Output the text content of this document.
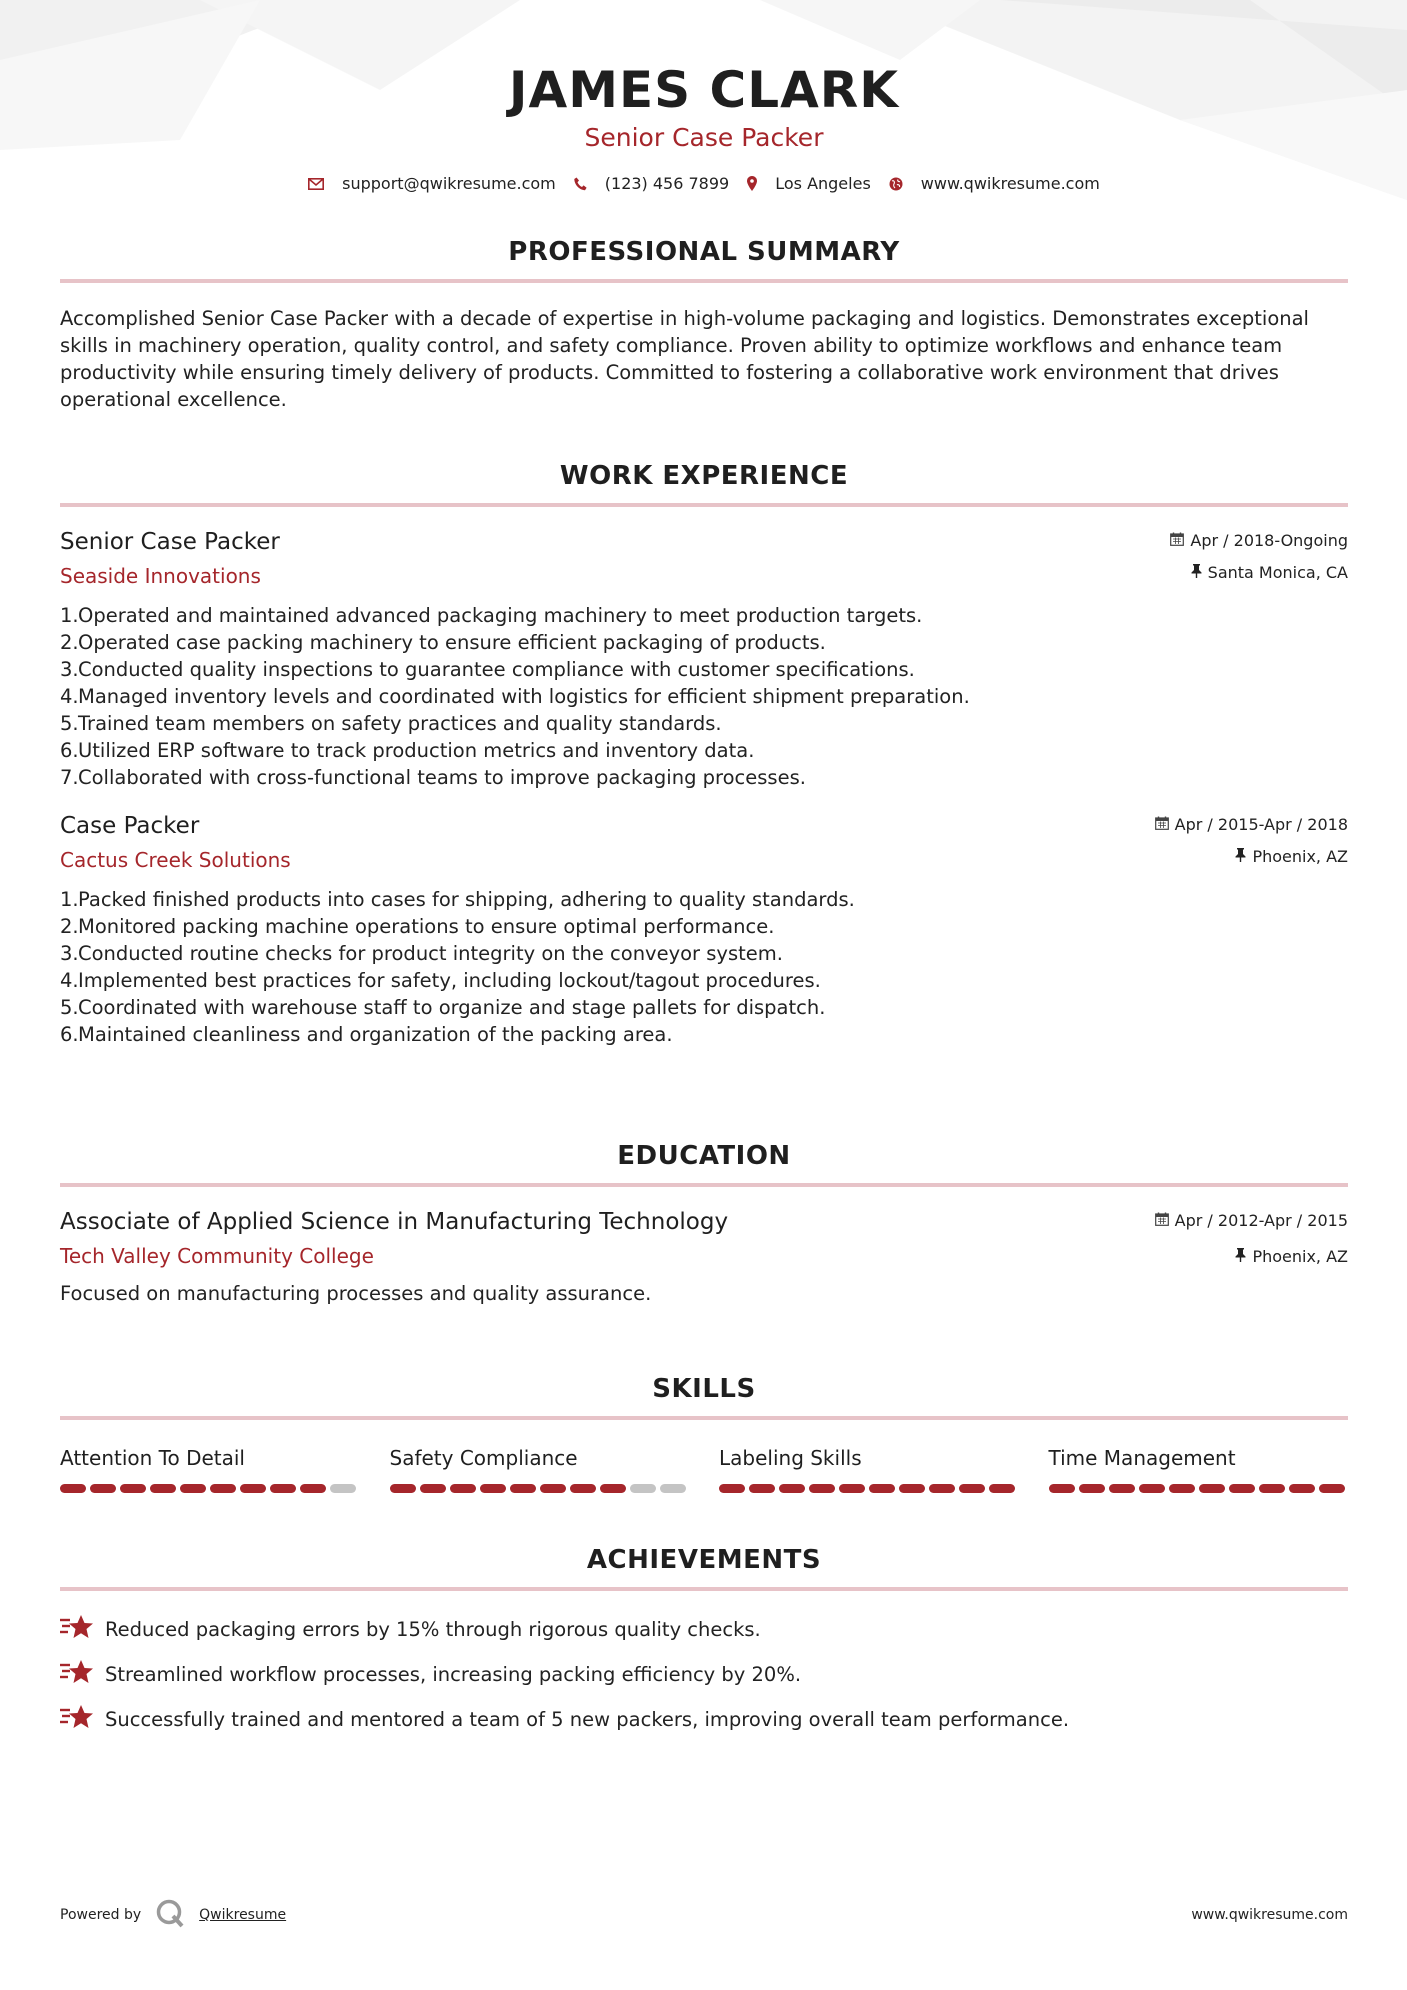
JAMES CLARK
Senior Case Packer
support@qwikresume.com	(123) 456 7899	Los Angeles	www.qwikresume.com
PROFESSIONAL SUMMARY
Accomplished Senior Case Packer with a decade of expertise in high-volume packaging and logistics. Demonstrates exceptional skills in machinery operation, quality control, and safety compliance. Proven ability to optimize workflows and enhance team productivity while ensuring timely delivery of products. Committed to fostering a collaborative work environment that drives operational excellence.
WORK EXPERIENCE
Senior Case Packer
Seaside Innovations
Apr / 2018-Ongoing
Santa Monica, CA
1. Operated and maintained advanced packaging machinery to meet production targets.
2. Operated case packing machinery to ensure efficient packaging of products.
3. Conducted quality inspections to guarantee compliance with customer specifications.
4. Managed inventory levels and coordinated with logistics for efficient shipment preparation.
5. Trained team members on safety practices and quality standards.
6. Utilized ERP software to track production metrics and inventory data.
7. Collaborated with cross-functional teams to improve packaging processes.
Case Packer
Cactus Creek Solutions
Apr / 2015-Apr / 2018
Phoenix, AZ
1. Packed finished products into cases for shipping, adhering to quality standards.
2. Monitored packing machine operations to ensure optimal performance.
3. Conducted routine checks for product integrity on the conveyor system.
4. Implemented best practices for safety, including lockout/tagout procedures.
5. Coordinated with warehouse staff to organize and stage pallets for dispatch.
6. Maintained cleanliness and organization of the packing area.
EDUCATION
Associate of Applied Science in Manufacturing Technology
Tech Valley Community College
Apr / 2012-Apr / 2015
Phoenix, AZ
Focused on manufacturing processes and quality assurance.
SKILLS
Attention To Detail	Safety Compliance	Labeling Skills	Time Management
ACHIEVEMENTS
Reduced packaging errors by 15% through rigorous quality checks.
Streamlined workflow processes, increasing packing efficiency by 20%.
Successfully trained and mentored a team of 5 new packers, improving overall team performance.
Powered by	Qwikresume	www.qwikresume.com
